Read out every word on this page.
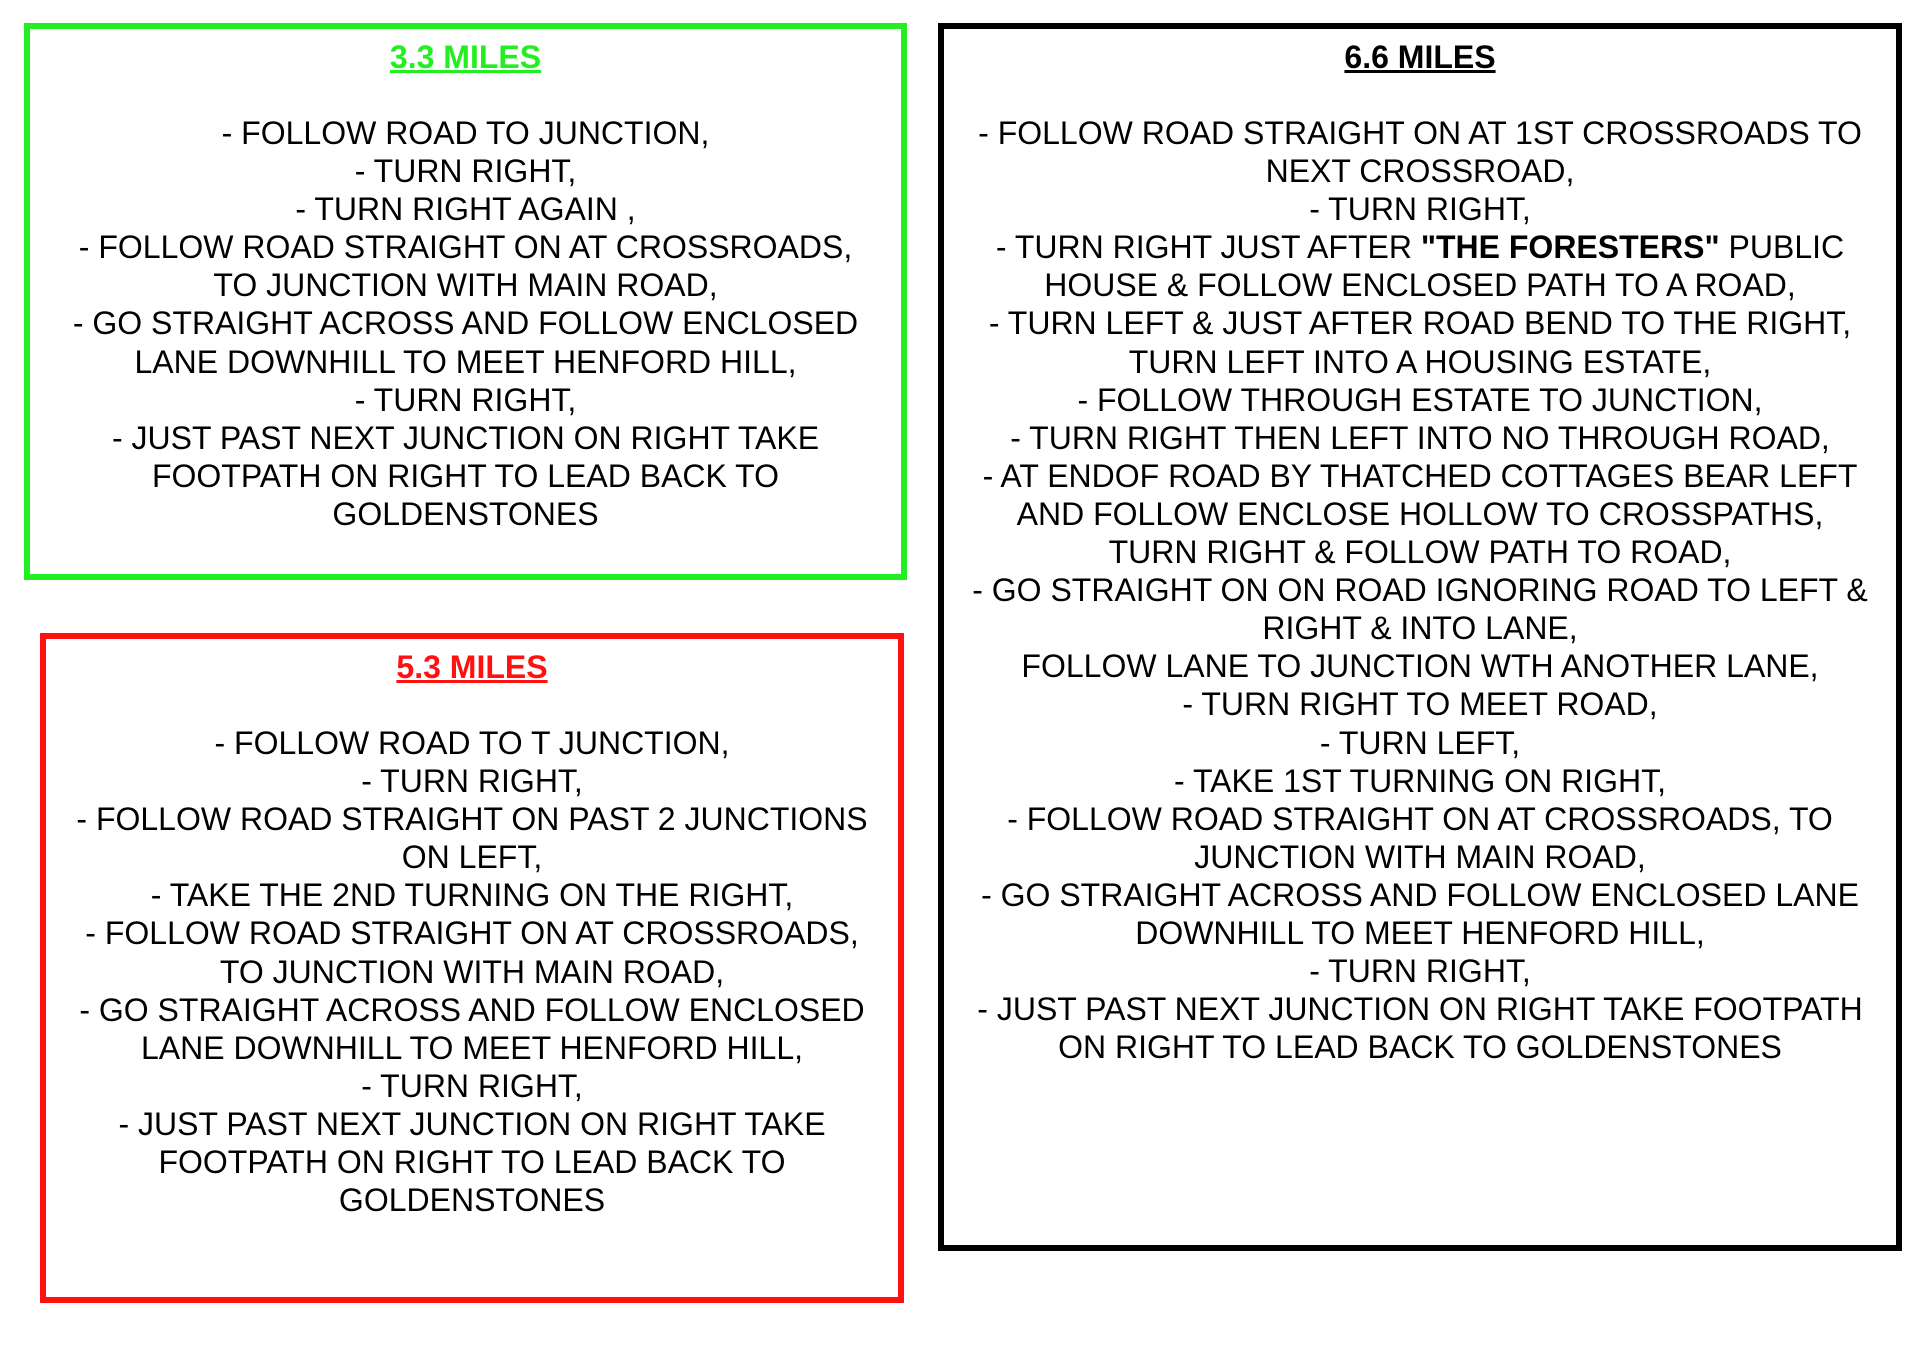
3.3 MILES
- FOLLOW ROAD TO JUNCTION,
- TURN RIGHT,
- TURN RIGHT AGAIN ,
- FOLLOW ROAD STRAIGHT ON AT CROSSROADS,
TO JUNCTION WITH MAIN ROAD,
- GO STRAIGHT ACROSS AND FOLLOW ENCLOSED
LANE DOWNHILL TO MEET HENFORD HILL,
- TURN RIGHT,
- JUST PAST NEXT JUNCTION ON RIGHT TAKE
FOOTPATH ON RIGHT TO LEAD BACK TO
GOLDENSTONES
5.3 MILES
- FOLLOW ROAD TO T JUNCTION,
- TURN RIGHT,
- FOLLOW ROAD STRAIGHT ON PAST 2 JUNCTIONS
ON LEFT,
- TAKE THE 2ND TURNING ON THE RIGHT,
- FOLLOW ROAD STRAIGHT ON AT CROSSROADS,
TO JUNCTION WITH MAIN ROAD,
- GO STRAIGHT ACROSS AND FOLLOW ENCLOSED
LANE DOWNHILL TO MEET HENFORD HILL,
- TURN RIGHT,
- JUST PAST NEXT JUNCTION ON RIGHT TAKE
FOOTPATH ON RIGHT TO LEAD BACK TO
GOLDENSTONES
6.6 MILES
- FOLLOW ROAD STRAIGHT ON AT 1ST CROSSROADS TO
NEXT CROSSROAD,
- TURN RIGHT,
- TURN RIGHT JUST AFTER "THE FORESTERS" PUBLIC
HOUSE & FOLLOW ENCLOSED PATH TO A ROAD,
- TURN LEFT & JUST AFTER ROAD BEND TO THE RIGHT,
TURN LEFT INTO A HOUSING ESTATE,
- FOLLOW THROUGH ESTATE TO JUNCTION,
- TURN RIGHT THEN LEFT INTO NO THROUGH ROAD,
- AT ENDOF ROAD BY THATCHED COTTAGES BEAR LEFT
AND FOLLOW ENCLOSE HOLLOW TO CROSSPATHS,
TURN RIGHT & FOLLOW PATH TO ROAD,
- GO STRAIGHT ON ON ROAD IGNORING ROAD TO LEFT &
RIGHT & INTO LANE,
FOLLOW LANE TO JUNCTION WTH ANOTHER LANE,
- TURN RIGHT TO MEET ROAD,
- TURN LEFT,
- TAKE 1ST TURNING ON RIGHT,
- FOLLOW ROAD STRAIGHT ON AT CROSSROADS, TO
JUNCTION WITH MAIN ROAD,
- GO STRAIGHT ACROSS AND FOLLOW ENCLOSED LANE
DOWNHILL TO MEET HENFORD HILL,
- TURN RIGHT,
- JUST PAST NEXT JUNCTION ON RIGHT TAKE FOOTPATH
ON RIGHT TO LEAD BACK TO GOLDENSTONES
